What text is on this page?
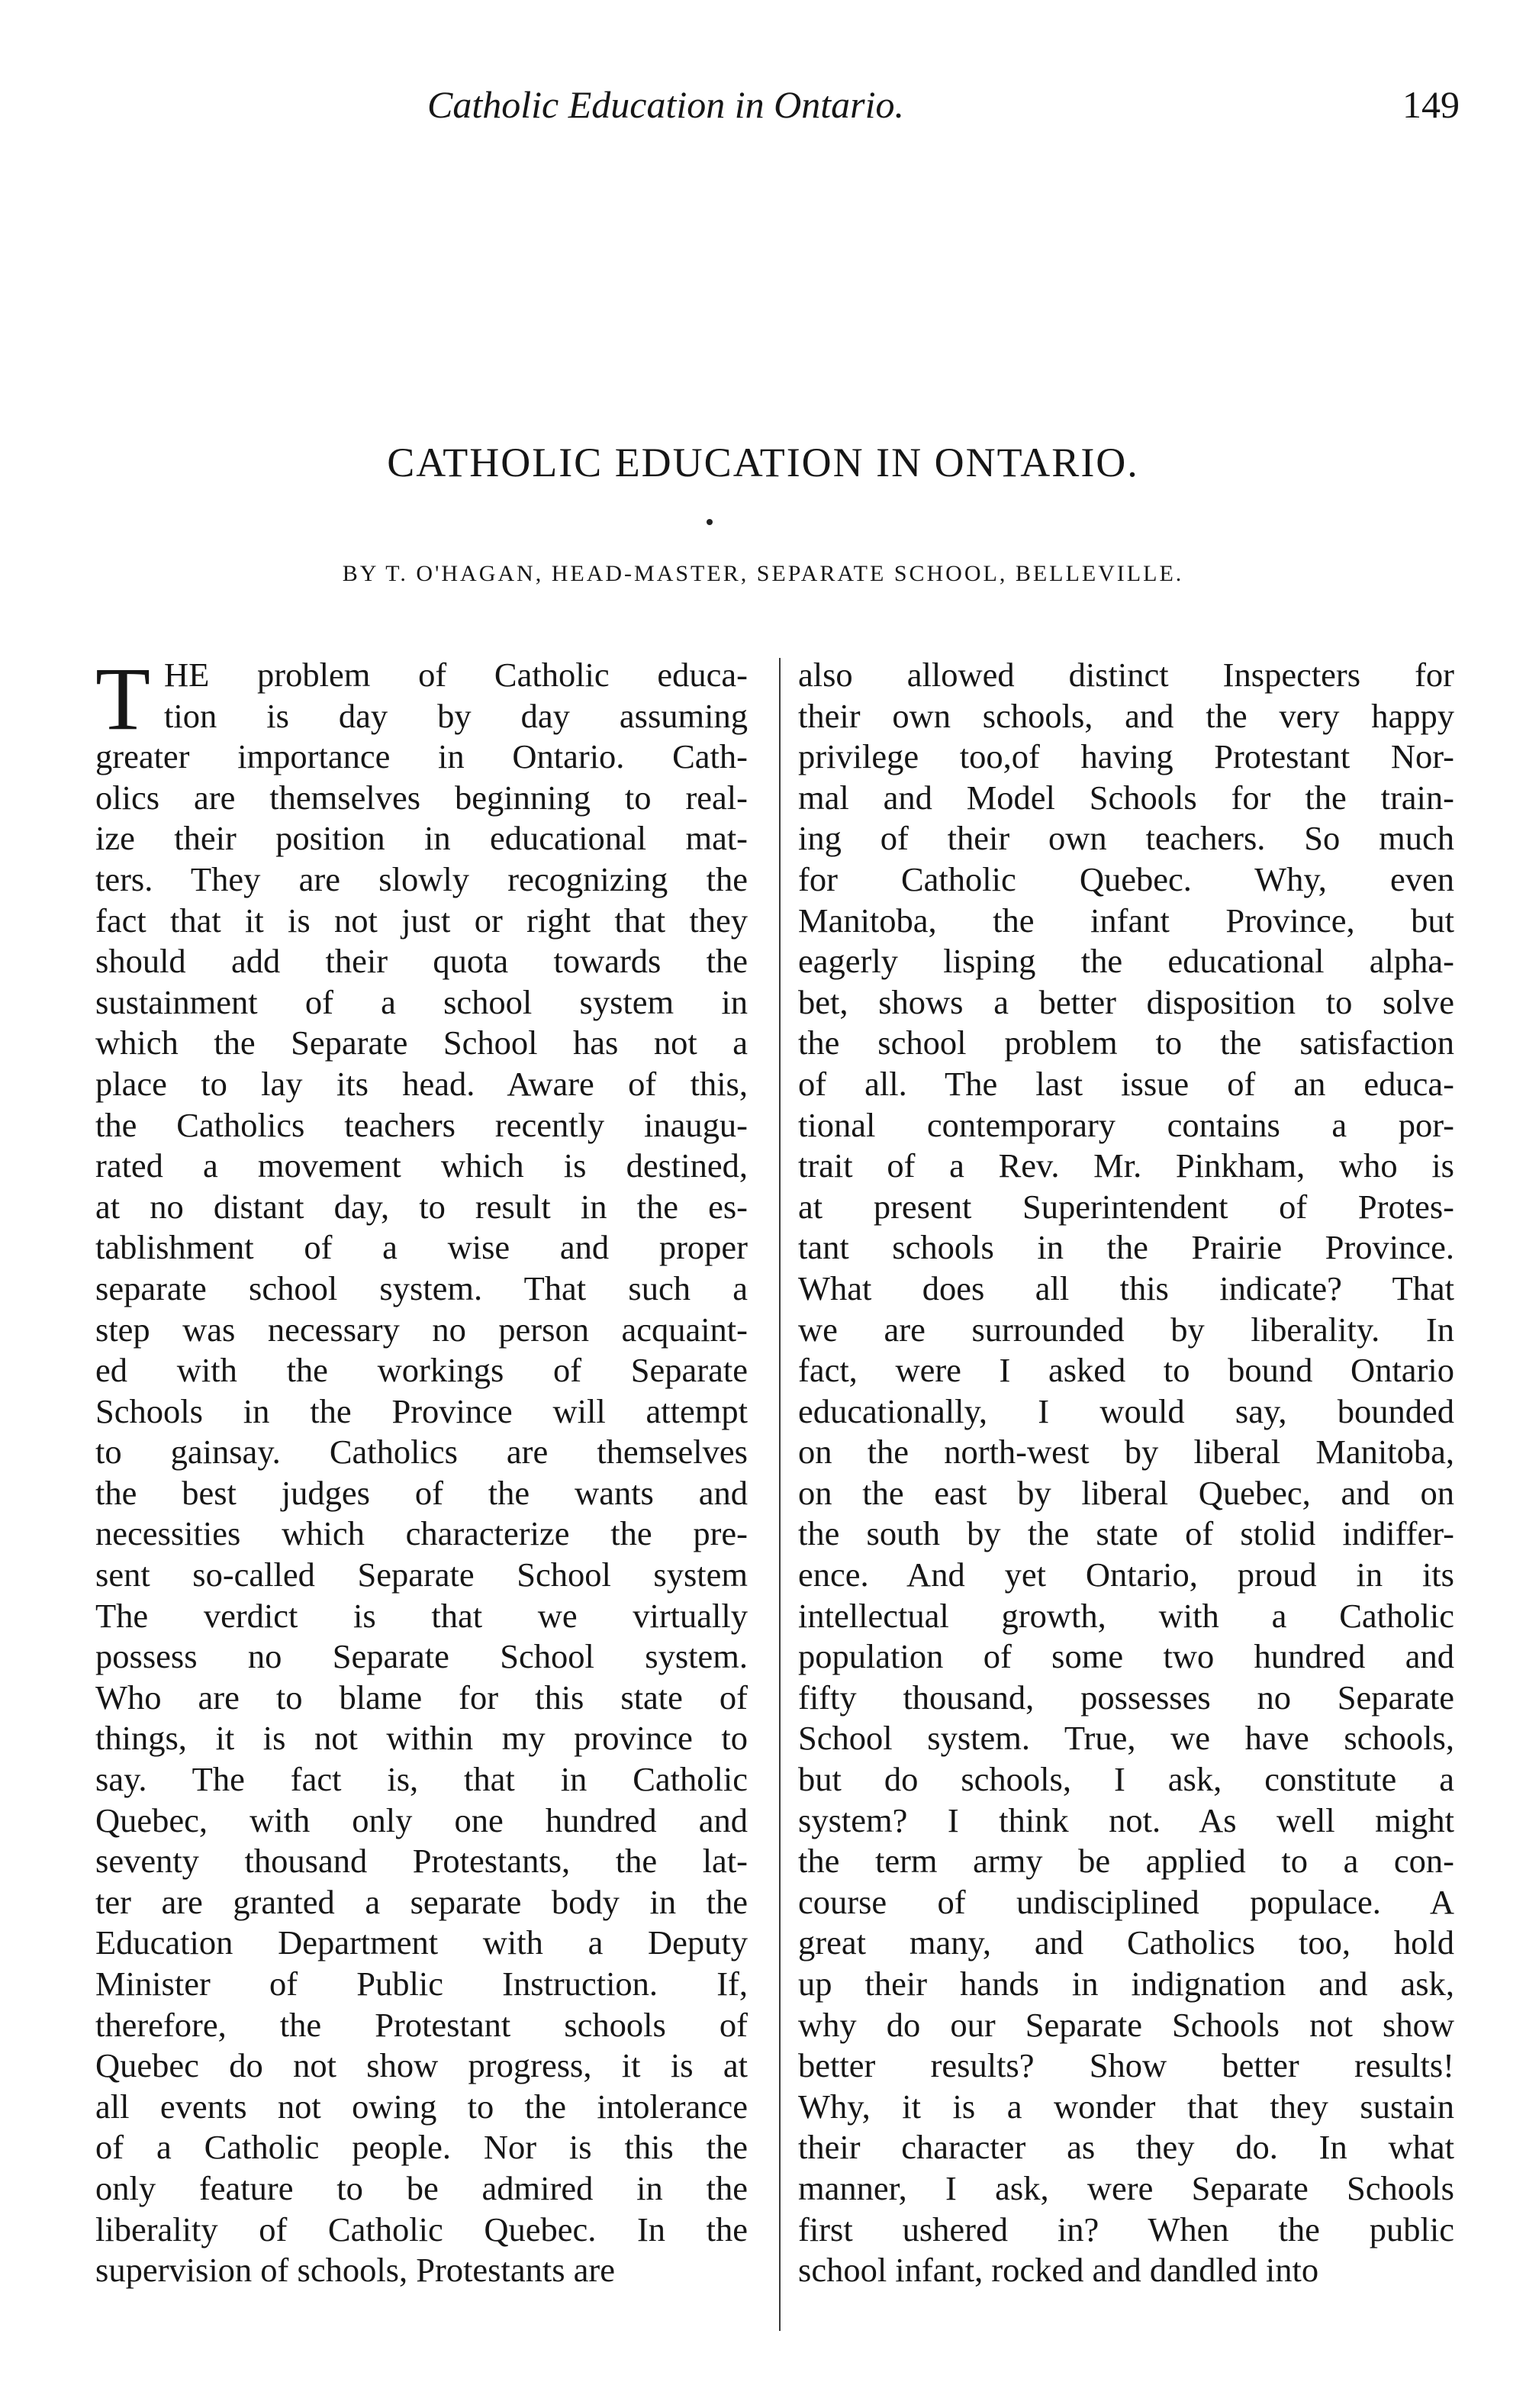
Catholic Education in Ontario.	149
CATHOLIC EDUCATION IN ONTARIO.
BY T. O'HAGAN, HEAD-MASTER, SEPARATE SCHOOL, BELLEVILLE.
T HE problem of Catholic educa-
tion is day by day assuming
greater importance in Ontario. Cath-
olics are themselves beginning to real-
ize their position in educational mat-
ters. They are slowly recognizing the
fact that it is not just or right that they
should add their quota towards the
sustainment of a school system in
which the Separate School has not a
place to lay its head. Aware of this,
the Catholics teachers recently inaugu-
rated a movement which is destined,
at no distant day, to result in the es-
tablishment of a wise and proper
separate school system. That such a
step was necessary no person acquaint-
ed with the workings of Separate
Schools in the Province will attempt
to gainsay. Catholics are themselves
the best judges of the wants and
necessities which characterize the pre-
sent so-called Separate School system
The verdict is that we virtually
possess no Separate School system.
Who are to blame for this state of
things, it is not within my province to
say. The fact is, that in Catholic
Quebec, with only one hundred and
seventy thousand Protestants, the lat-
ter are granted a separate body in the
Education Department with a Deputy
Minister of Public Instruction. If,
therefore, the Protestant schools of
Quebec do not show progress, it is at
all events not owing to the intolerance
of a Catholic people. Nor is this the
only feature to be admired in the
liberality of Catholic Quebec. In the
supervision of schools, Protestants are
also allowed distinct Inspecters for
their own schools, and the very happy
privilege too,of having Protestant Nor-
mal and Model Schools for the train-
ing of their own teachers. So much
for Catholic Quebec. Why, even
Manitoba, the infant Province, but
eagerly lisping the educational alpha-
bet, shows a better disposition to solve
the school problem to the satisfaction
of all. The last issue of an educa-
tional contemporary contains a por-
trait of a Rev. Mr. Pinkham, who is
at present Superintendent of Protes-
tant schools in the Prairie Province.
What does all this indicate? That
we are surrounded by liberality. In
fact, were I asked to bound Ontario
educationally, I would say, bounded
on the north-west by liberal Manitoba,
on the east by liberal Quebec, and on
the south by the state of stolid indiffer-
ence. And yet Ontario, proud in its
intellectual growth, with a Catholic
population of some two hundred and
fifty thousand, possesses no Separate
School system. True, we have schools,
but do schools, I ask, constitute a
system? I think not. As well might
the term army be applied to a con-
course of undisciplined populace. A
great many, and Catholics too, hold
up their hands in indignation and ask,
why do our Separate Schools not show
better results? Show better results!
Why, it is a wonder that they sustain
their character as they do. In what
manner, I ask, were Separate Schools
first ushered in? When the public
school infant, rocked and dandled into
